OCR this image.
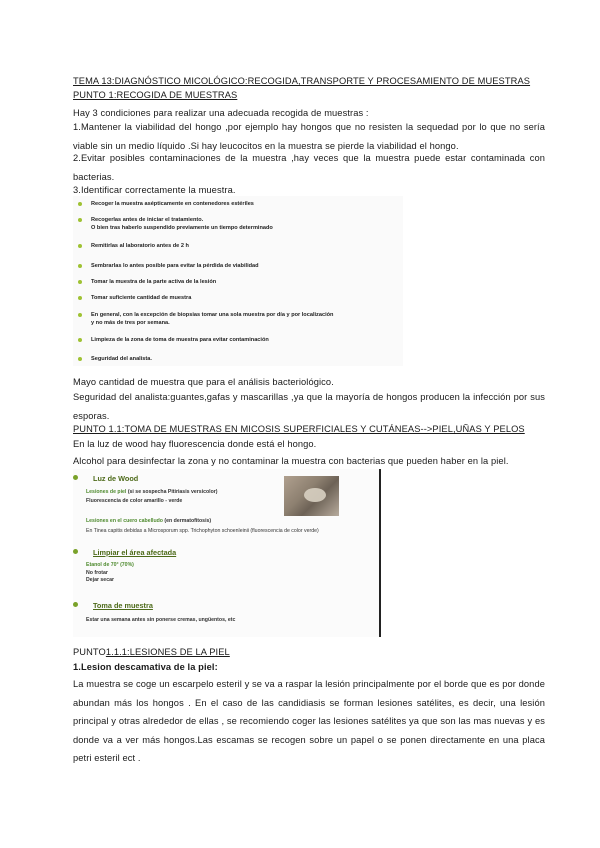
TEMA 13:DIAGNÓSTICO MICOLÓGICO:RECOGIDA,TRANSPORTE Y PROCESAMIENTO DE MUESTRAS
PUNTO 1:RECOGIDA DE MUESTRAS
Hay 3 condiciones para realizar una adecuada recogida de muestras :
1.Mantener la viabilidad del hongo ,por ejemplo hay hongos que no resisten la sequedad por lo que no sería viable sin un medio líquido .Si hay leucocitos en la muestra se pierde la viabilidad el hongo.
2.Evitar posibles contaminaciones de la muestra ,hay veces que la muestra puede estar contaminada con bacterias.
3.Identificar correctamente la muestra.
Recoger la muestra asépticamente en contenedores estériles
Recogerlas antes de iniciar el tratamiento.
O bien tras haberlo suspendido previamente un tiempo determinado
Remitirlas al laboratorio antes de 2 h
Sembrarlas lo antes posible para evitar la pérdida de viabilidad
Tomar la muestra de la parte activa de la lesión
Tomar suficiente cantidad de muestra
En general, con la excepción de biopsias tomar una sola muestra por día y por localización
y no más de tres por semana.
Limpieza de la zona de toma de muestra para evitar contaminación
Seguridad del analista.
Mayo cantidad de muestra que para el análisis bacteriológico.
Seguridad del analista:guantes,gafas y mascarillas ,ya que la mayoría de hongos producen la infección por sus esporas.
PUNTO 1.1:TOMA DE MUESTRAS EN MICOSIS SUPERFICIALES Y CUTÁNEAS-->PIEL,UÑAS Y PELOS
En la luz de wood hay fluorescencia donde está el hongo.
Alcohol para desinfectar la zona y no contaminar la muestra con bacterias que pueden haber en la piel.
Luz de Wood
Lesiones de piel (si se sospecha Pitiriasis versicolor)
Fluorescencia de color amarillo - verde
Lesiones en el cuero cabelludo (en dermatofitosis)
En Tinea capitis debidas a Microsporum spp. Trichophyton schoenleinii (fluorescencia de color verde)
Limpiar el área afectada
Etanol de 70° (70%)
No frotar
Dejar secar
Toma de muestra
Estar una semana antes sin ponerse cremas, ungüentos, etc
PUNTO1.1.1:LESIONES DE LA PIEL
1.Lesion descamativa de la piel:
La muestra se coge un escarpelo esteril y se va a raspar la lesión principalmente por el borde que es por donde abundan más los hongos . En el caso de las candidiasis se forman lesiones satélites, es decir, una lesión principal y otras alrededor de ellas , se recomiendo coger las lesiones satélites ya que son las mas nuevas y es donde va a ver más hongos.Las escamas se recogen sobre un papel o se ponen directamente en una placa petri esteril ect .
